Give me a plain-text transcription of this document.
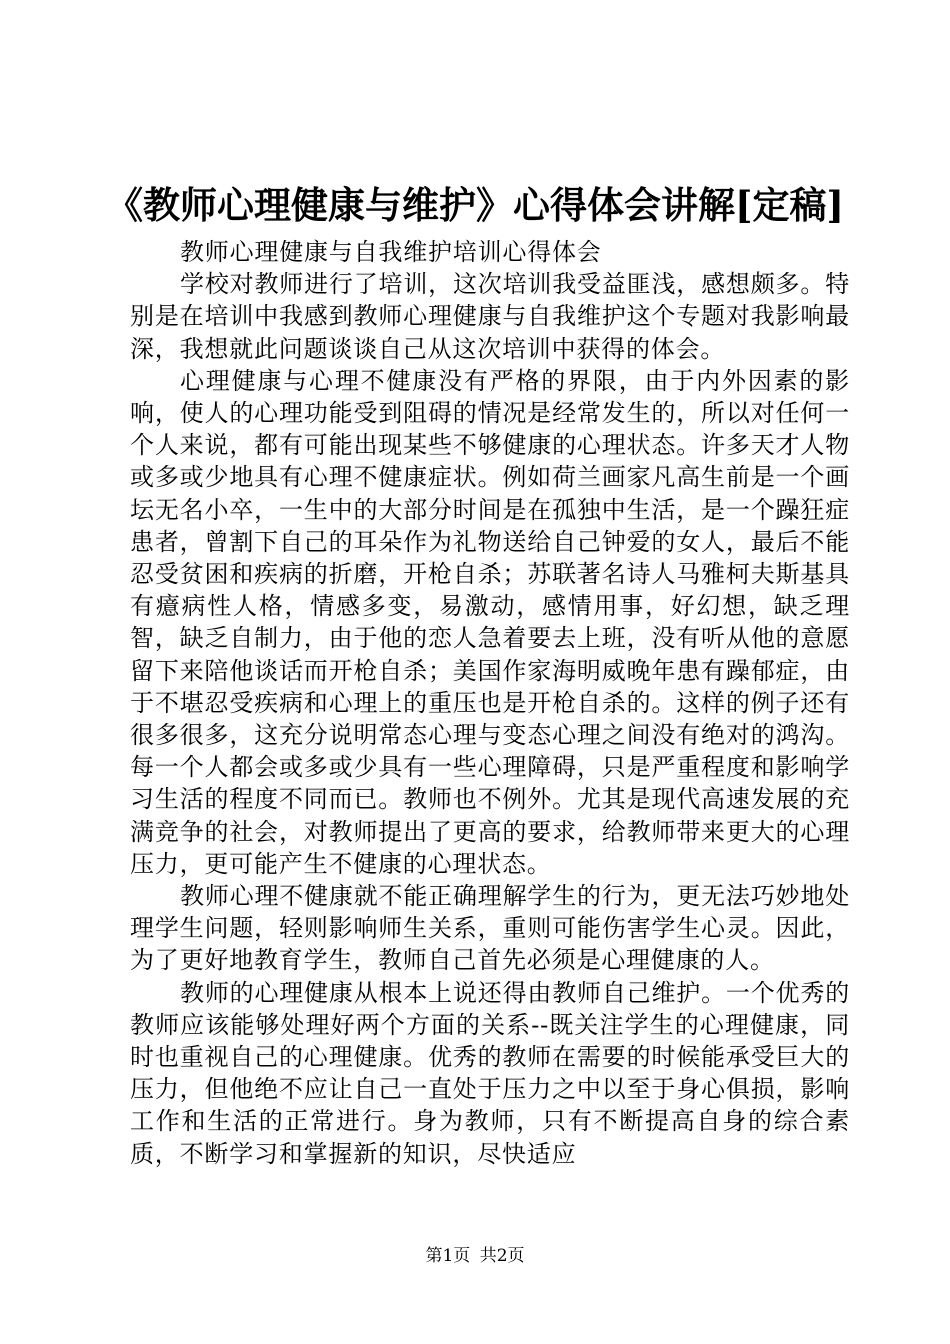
《教师心理健康与维护》心得体会讲解[定稿]

教师心理健康与自我维护培训心得体会

学校对教师进行了培训，这次培训我受益匪浅，感想颇多。特别是在培训中我感到教师心理健康与自我维护这个专题对我影响最深，我想就此问题谈谈自己从这次培训中获得的体会。

心理健康与心理不健康没有严格的界限，由于内外因素的影响，使人的心理功能受到阻碍的情况是经常发生的，所以对任何一个人来说，都有可能出现某些不够健康的心理状态。许多天才人物或多或少地具有心理不健康症状。例如荷兰画家凡高生前是一个画坛无名小卒，一生中的大部分时间是在孤独中生活，是一个躁狂症患者，曾割下自己的耳朵作为礼物送给自己钟爱的女人，最后不能忍受贫困和疾病的折磨，开枪自杀；苏联著名诗人马雅柯夫斯基具有癔病性人格，情感多变，易激动，感情用事，好幻想，缺乏理智，缺乏自制力，由于他的恋人急着要去上班，没有听从他的意愿留下来陪他谈话而开枪自杀；美国作家海明威晚年患有躁郁症，由于不堪忍受疾病和心理上的重压也是开枪自杀的。这样的例子还有很多很多，这充分说明常态心理与变态心理之间没有绝对的鸿沟。每一个人都会或多或少具有一些心理障碍，只是严重程度和影响学习生活的程度不同而已。教师也不例外。尤其是现代高速发展的充满竞争的社会，对教师提出了更高的要求，给教师带来更大的心理压力，更可能产生不健康的心理状态。

教师心理不健康就不能正确理解学生的行为，更无法巧妙地处理学生问题，轻则影响师生关系，重则可能伤害学生心灵。因此，为了更好地教育学生，教师自己首先必须是心理健康的人。

教师的心理健康从根本上说还得由教师自己维护。一个优秀的教师应该能够处理好两个方面的关系--既关注学生的心理健康，同时也重视自己的心理健康。优秀的教师在需要的时候能承受巨大的压力，但他绝不应让自己一直处于压力之中以至于身心俱损，影响工作和生活的正常进行。身为教师，只有不断提高自身的综合素质，不断学习和掌握新的知识，尽快适应

第1页 共2页
